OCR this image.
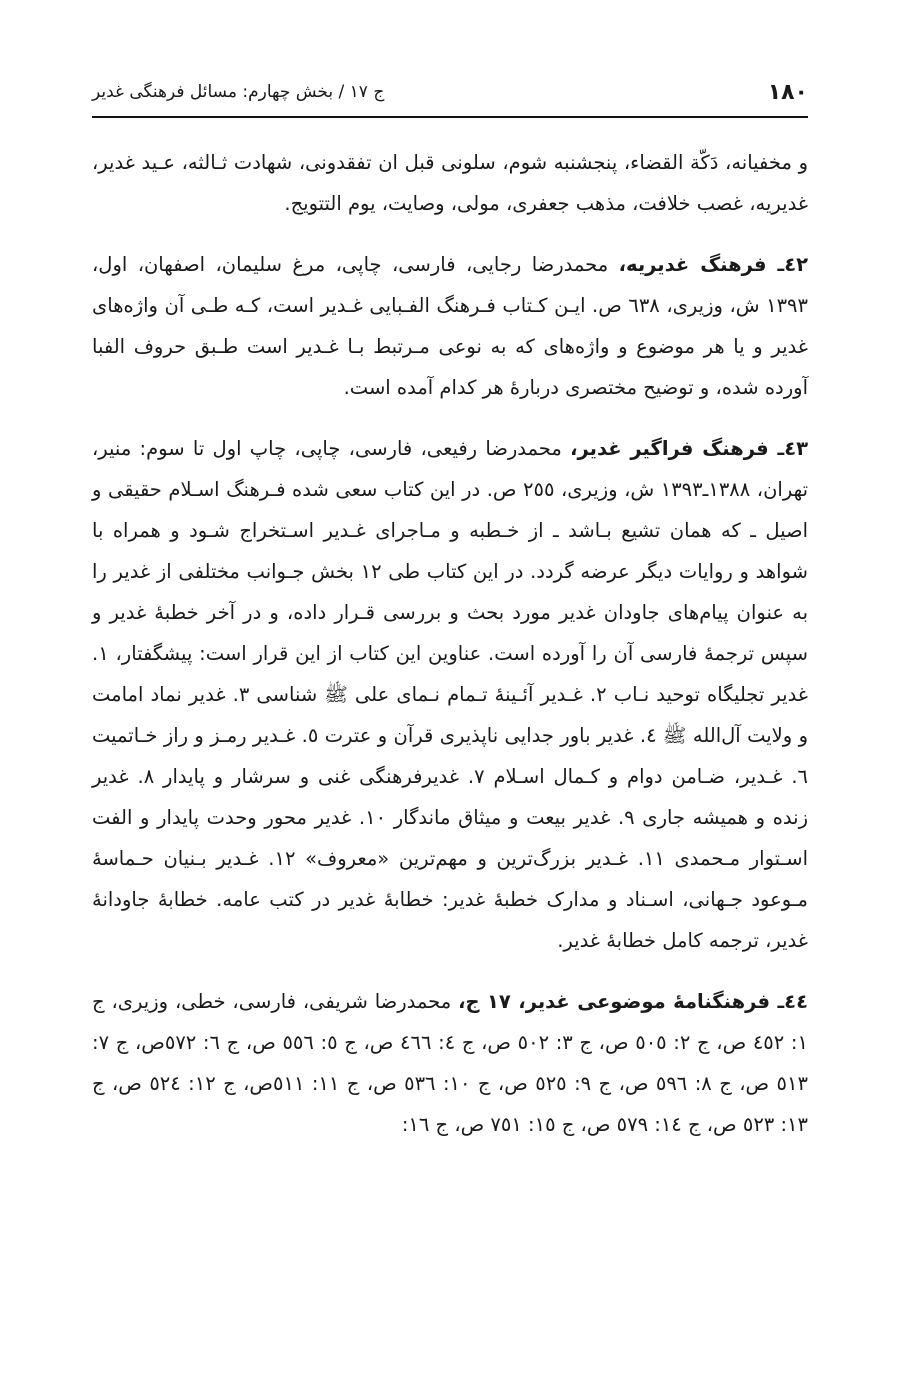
١٨٠
ج ١٧ / بخش چهارم: مسائل فرهنگی غدیر

و مخفیانه، دَکّة القضاء، پنجشنبه شوم، سلونی قبل ان تفقدونی، شهادت ثـالثه، عـید غدیر، غدیریه، غصب خلافت، مذهب جعفری، مولی، وصایت، یوم التتویج.

٤٢ـ فرهنگ غدیریه، محمدرضا رجایی، فارسی، چاپی، مرغ سلیمان، اصفهان، اول، ١٣٩٣ ش، وزیری، ٦٣٨ ص. ایـن کـتاب فـرهنگ الفـبایی غـدیر است، کـه طـی آن واژه‌های غدیر و یا هر موضوع و واژه‌های که به نوعی مـرتبط بـا غـدیر است طـبق حروف الفبا آورده شده، و توضیح مختصری دربارهٔ هر کدام آمده است.

٤٣ـ فرهنگ فراگیر غدیر، محمدرضا رفیعی، فارسی، چاپی، چاپ اول تا سوم: منیر، تهران، ١٣٨٨ـ١٣٩٣ ش، وزیری، ٢٥٥ ص. در این کتاب سعی شده فـرهنگ اسـلام حقیقی و اصیل ـ که همان تشیع بـاشد ـ از خـطبه و مـاجرای غـدیر اسـتخراج شـود و همراه با شواهد و روایات دیگر عرضه گردد. در این کتاب طی ١٢ بخش جـوانب مختلفی از غدیر را به عنوان پیام‌های جاودان غدیر مورد بحث و بررسی قـرار داده، و در آخر خطبهٔ غدیر و سپس ترجمهٔ فارسی آن را آورده است. عناوین این کتاب از این قرار است: پیشگفتار، ١. غدیر تجلیگاه توحید نـاب ٢. غـدیر آئـینهٔ تـمام نـمای علی ﷺ شناسی ٣. غدیر نماد امامت و ولایت آل‌الله ﷺ ٤. غدیر باور جدایی ناپذیری قرآن و عترت ٥. غـدیر رمـز و راز خـاتمیت ٦. غـدیر، ضـامن دوام و کـمال اسـلام ٧. غدیرفرهنگی غنی و سرشار و پایدار ٨. غدیر زنده و همیشه جاری ٩. غدیر بیعت و میثاق ماندگار ١٠. غدیر محور وحدت پایدار و الفت اسـتوار مـحمدی ١١. غـدیر بزرگ‌ترین و مهم‌ترین «معروف» ١٢. غـدیر بـنیان حـماسهٔ مـوعود جـهانی، اسـناد و مدارک خطبهٔ غدیر: خطابهٔ غدیر در کتب عامه. خطابهٔ جاودانهٔ غدیر، ترجمه کامل خطابهٔ غدیر.

٤٤ـ فرهنگنامهٔ موضوعی غدیر، ١٧ ج، محمدرضا شریفی، فارسی، خطی، وزیری، ج ١: ٤٥٢ ص، ج ٢: ٥٠٥ ص، ج ٣: ٥٠٢ ص، ج ٤: ٤٦٦ ص، ج ٥: ٥٥٦ ص، ج ٦: ٥٧٢ص، ج ٧: ٥١٣ ص، ج ٨: ٥٩٦ ص، ج ٩: ٥٢٥ ص، ج ١٠: ٥٣٦ ص، ج ١١: ٥١١ص، ج ١٢: ٥٢٤ ص، ج ١٣: ٥٢٣ ص، ج ١٤: ٥٧٩ ص، ج ١٥: ٧٥١ ص، ج ١٦:
